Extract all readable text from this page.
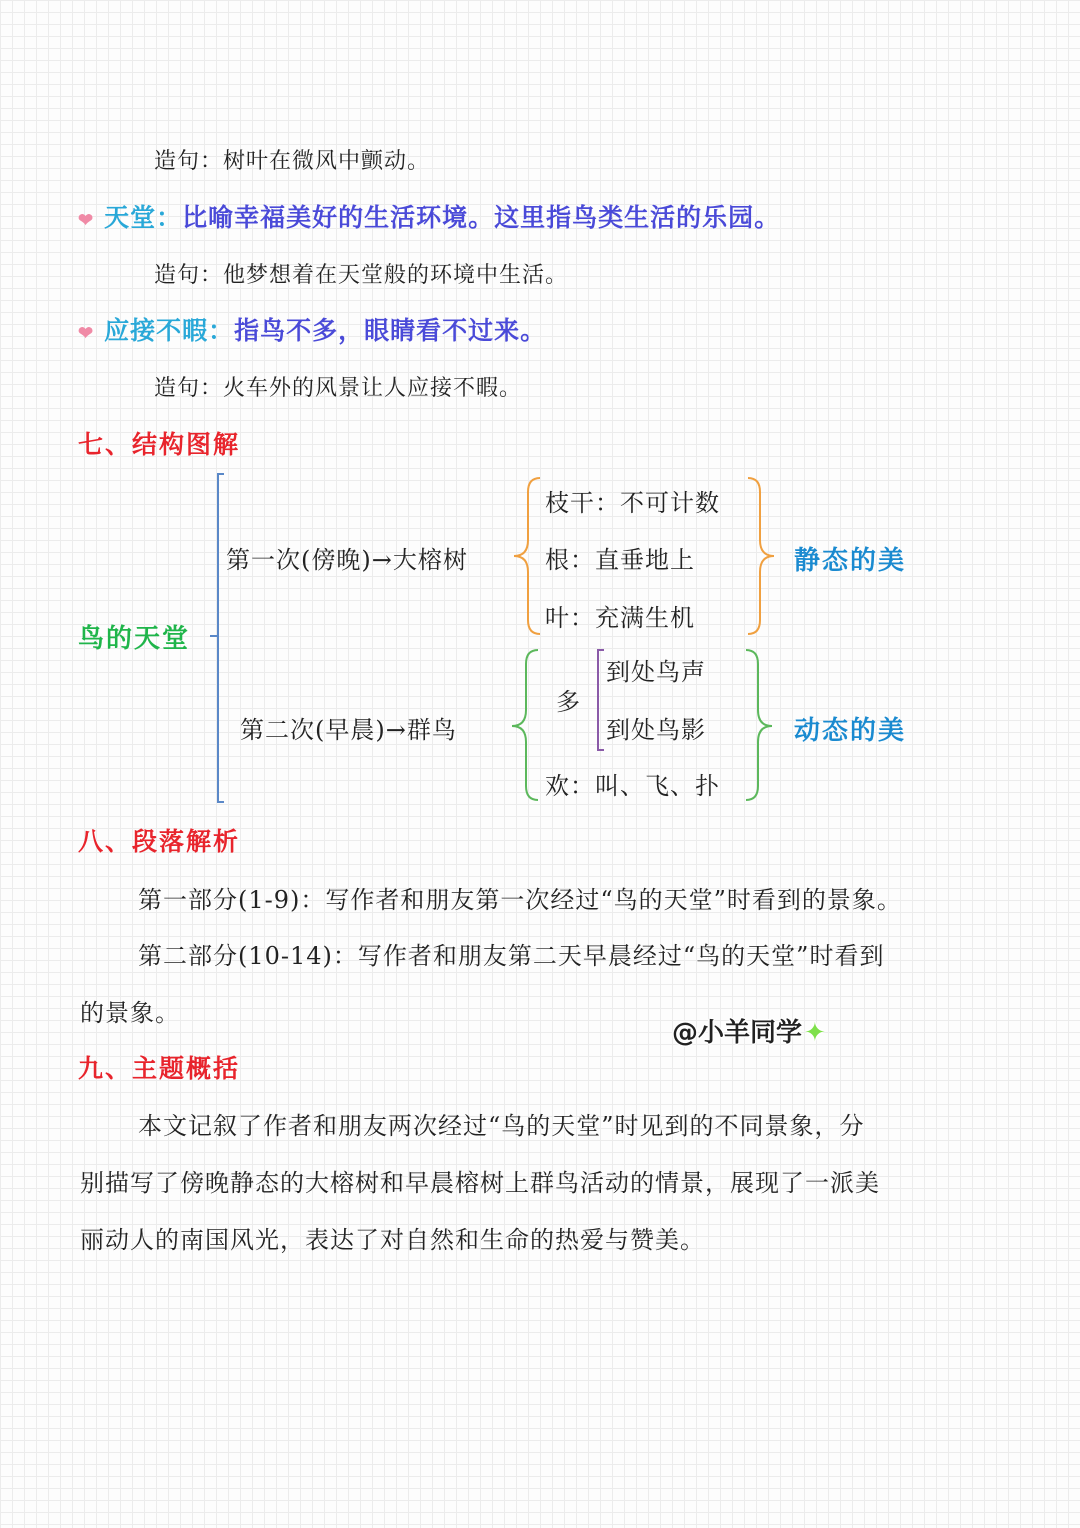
造句：树叶在微风中颤动。
❤ 天堂：比喻幸福美好的生活环境。这里指鸟类生活的乐园。
造句：他梦想着在天堂般的环境中生活。
❤ 应接不暇：指鸟不多，眼睛看不过来。
造句：火车外的风景让人应接不暇。
七、结构图解
鸟的天堂
第一次(傍晚)→大榕树
枝干：不可计数
根：直垂地上
叶：充满生机
静态的美
第二次(早晨)→群鸟
多
到处鸟声
到处鸟影
欢：叫、飞、扑
动态的美
八、段落解析
第一部分(1-9)：写作者和朋友第一次经过“鸟的天堂”时看到的景象。
第二部分(10-14)：写作者和朋友第二天早晨经过“鸟的天堂”时看到
的景象。
@小羊同学✦
九、主题概括
本文记叙了作者和朋友两次经过“鸟的天堂”时见到的不同景象，分
别描写了傍晚静态的大榕树和早晨榕树上群鸟活动的情景，展现了一派美
丽动人的南国风光，表达了对自然和生命的热爱与赞美。
